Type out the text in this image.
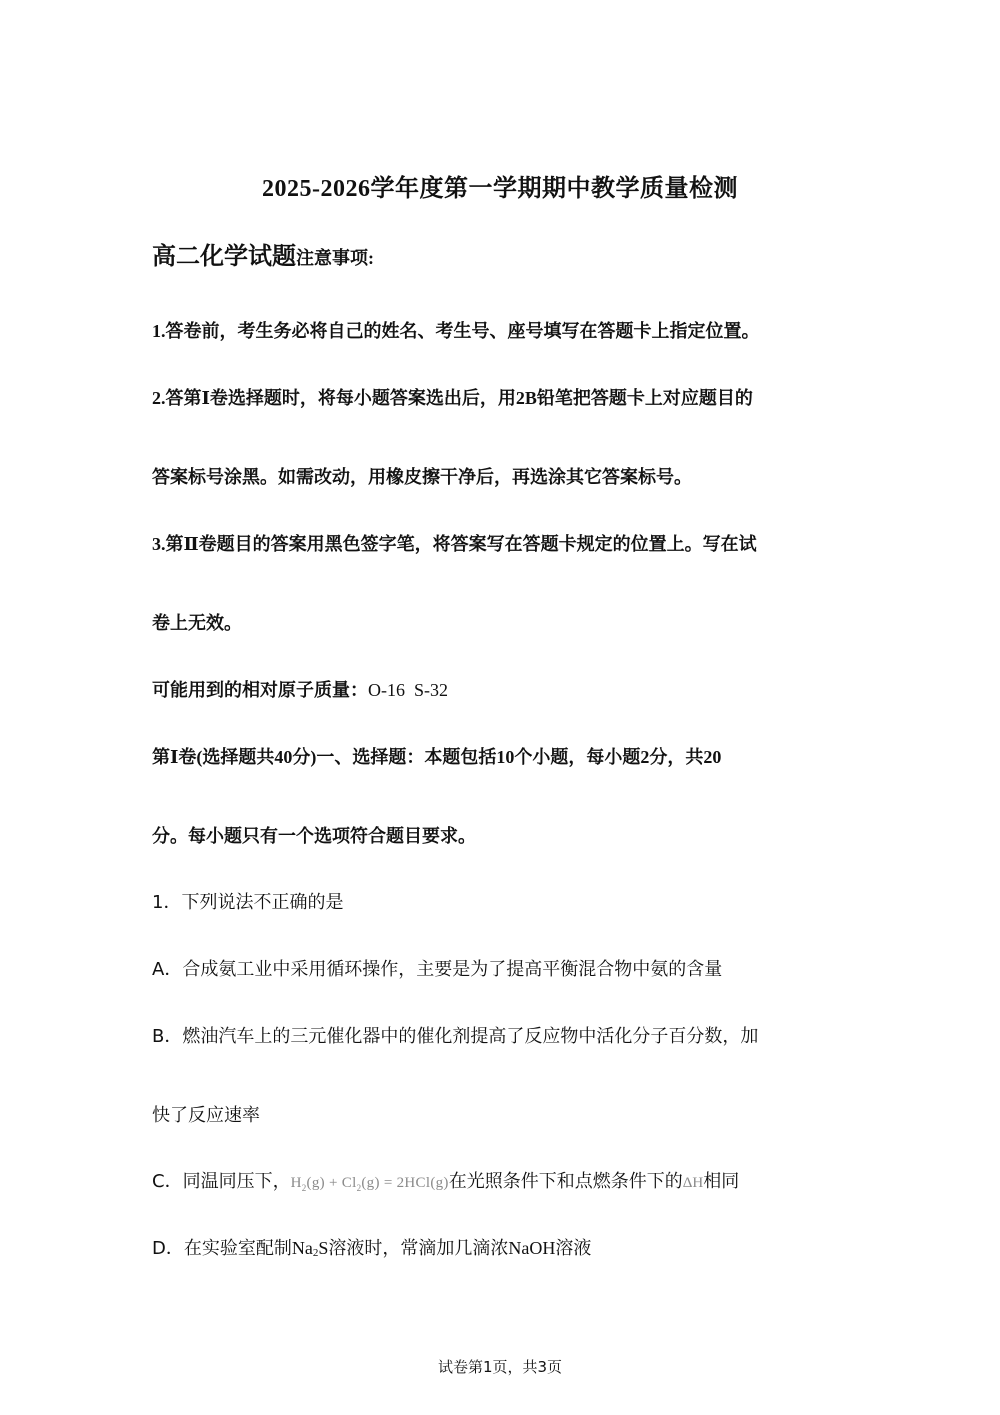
2025-2026学年度第一学期期中教学质量检测
高二化学试题注意事项:
1.答卷前，考生务必将自己的姓名、考生号、座号填写在答题卡上指定位置。
2.答第Ⅰ卷选择题时，将每小题答案选出后，用2B铅笔把答题卡上对应题目的
答案标号涂黑。如需改动，用橡皮擦干净后，再选涂其它答案标号。
3.第Ⅱ卷题目的答案用黑色签字笔，将答案写在答题卡规定的位置上。写在试
卷上无效。
可能用到的相对原子质量：O-16  S-32
第Ⅰ卷(选择题共40分)一、选择题：本题包括10个小题，每小题2分，共20
分。每小题只有一个选项符合题目要求。
1．下列说法不正确的是
A．合成氨工业中采用循环操作，主要是为了提高平衡混合物中氨的含量
B．燃油汽车上的三元催化器中的催化剂提高了反应物中活化分子百分数，加
快了反应速率
C．同温同压下，$H_2(g) + Cl_2(g) = 2HCl(g)$在光照条件下和点燃条件下的ΔH相同
D．在实验室配制Na2S溶液时，常滴加几滴浓NaOH溶液
试卷第1页，共3页
